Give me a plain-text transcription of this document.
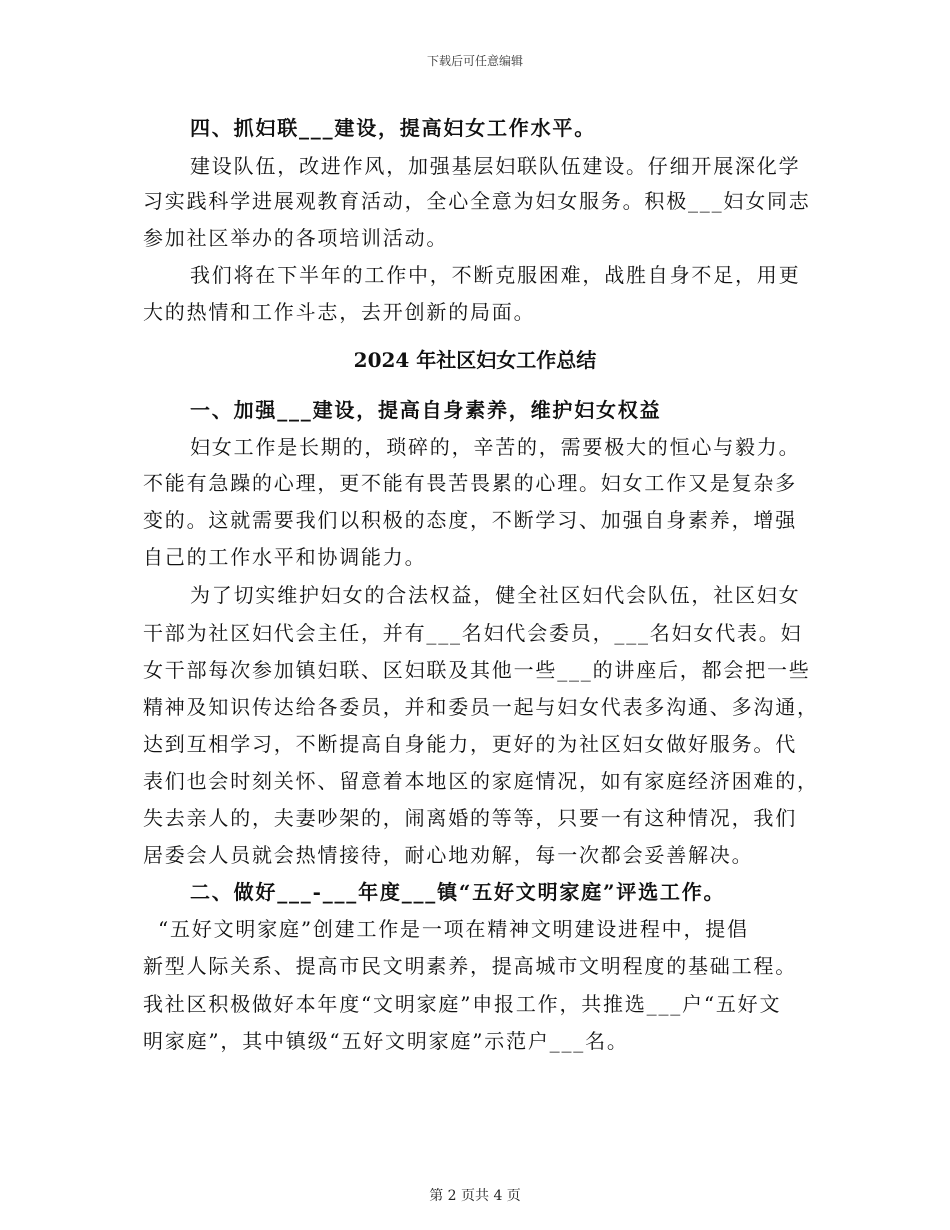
下载后可任意编辑
四、抓妇联___建设，提高妇女工作水平。
建设队伍，改进作风，加强基层妇联队伍建设。仔细开展深化学
习实践科学进展观教育活动，全心全意为妇女服务。积极___妇女同志
参加社区举办的各项培训活动。
我们将在下半年的工作中，不断克服困难，战胜自身不足，用更
大的热情和工作斗志，去开创新的局面。
2024 年社区妇女工作总结
一、加强___建设，提高自身素养，维护妇女权益
妇女工作是长期的，琐碎的，辛苦的，需要极大的恒心与毅力。
不能有急躁的心理，更不能有畏苦畏累的心理。妇女工作又是复杂多
变的。这就需要我们以积极的态度，不断学习、加强自身素养，增强
自己的工作水平和协调能力。
为了切实维护妇女的合法权益，健全社区妇代会队伍，社区妇女
干部为社区妇代会主任，并有___名妇代会委员，___名妇女代表。妇
女干部每次参加镇妇联、区妇联及其他一些___的讲座后，都会把一些
精神及知识传达给各委员，并和委员一起与妇女代表多沟通、多沟通，
达到互相学习，不断提高自身能力，更好的为社区妇女做好服务。代
表们也会时刻关怀、留意着本地区的家庭情况，如有家庭经济困难的，
失去亲人的，夫妻吵架的，闹离婚的等等，只要一有这种情况，我们
居委会人员就会热情接待，耐心地劝解，每一次都会妥善解决。
二、做好___-___年度___镇“五好文明家庭”评选工作。
“五好文明家庭”创建工作是一项在精神文明建设进程中，提倡
新型人际关系、提高市民文明素养，提高城市文明程度的基础工程。
我社区积极做好本年度“文明家庭”申报工作，共推选___户“五好文
明家庭”，其中镇级“五好文明家庭”示范户___名。
第 2 页共 4 页
